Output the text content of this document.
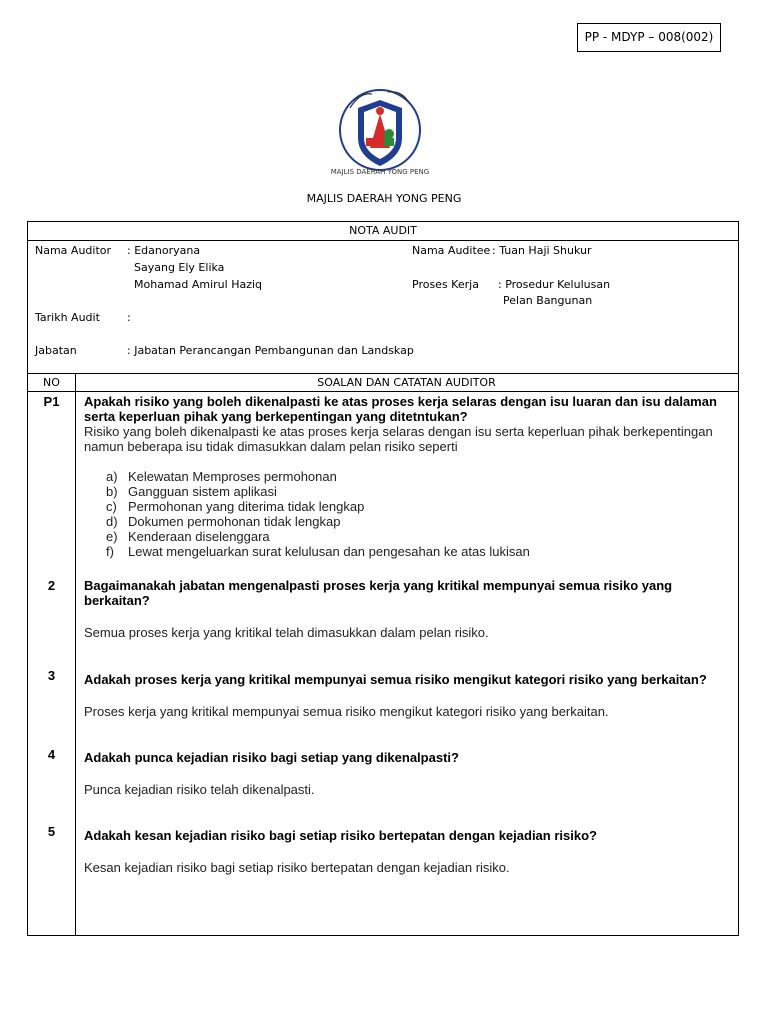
PP - MDYP – 008(002)
MAJLIS DAERAH YONG PENG
MAJLIS DAERAH YONG PENG
NOTA AUDIT
Nama Auditor : Edanoryana
Sayang Ely Elika
Mohamad Amirul Haziq
Nama Auditee : Tuan Haji Shukur
Proses Kerja : Prosedur Kelulusan
Pelan Bangunan
Tarikh Audit :
Jabatan	: Jabatan Perancangan Pembangunan dan Landskap
NO	SOALAN DAN CATATAN AUDITOR
P1	Apakah risiko yang boleh dikenalpasti ke atas proses kerja selaras dengan isu luaran dan isu dalaman serta keperluan pihak yang berkepentingan yang ditetntukan?
Risiko yang boleh dikenalpasti ke atas proses kerja selaras dengan isu serta keperluan pihak berkepentingan namun beberapa isu tidak dimasukkan dalam pelan risiko seperti
a) Kelewatan Memproses permohonan
b) Gangguan sistem aplikasi
c) Permohonan yang diterima tidak lengkap
d) Dokumen permohonan tidak lengkap
e) Kenderaan diselenggara
f) Lewat mengeluarkan surat kelulusan dan pengesahan ke atas lukisan
2	Bagaimanakah jabatan mengenalpasti proses kerja yang kritikal mempunyai semua risiko yang berkaitan?
Semua proses kerja yang kritikal telah dimasukkan dalam pelan risiko.
3	Adakah proses kerja yang kritikal mempunyai semua risiko mengikut kategori risiko yang berkaitan?
Proses kerja yang kritikal mempunyai semua risiko mengikut kategori risiko yang berkaitan.
4	Adakah punca kejadian risiko bagi setiap yang dikenalpasti?
Punca kejadian risiko telah dikenalpasti.
5	Adakah kesan kejadian risiko bagi setiap risiko bertepatan dengan kejadian risiko?
Kesan kejadian risiko bagi setiap risiko bertepatan dengan kejadian risiko.
